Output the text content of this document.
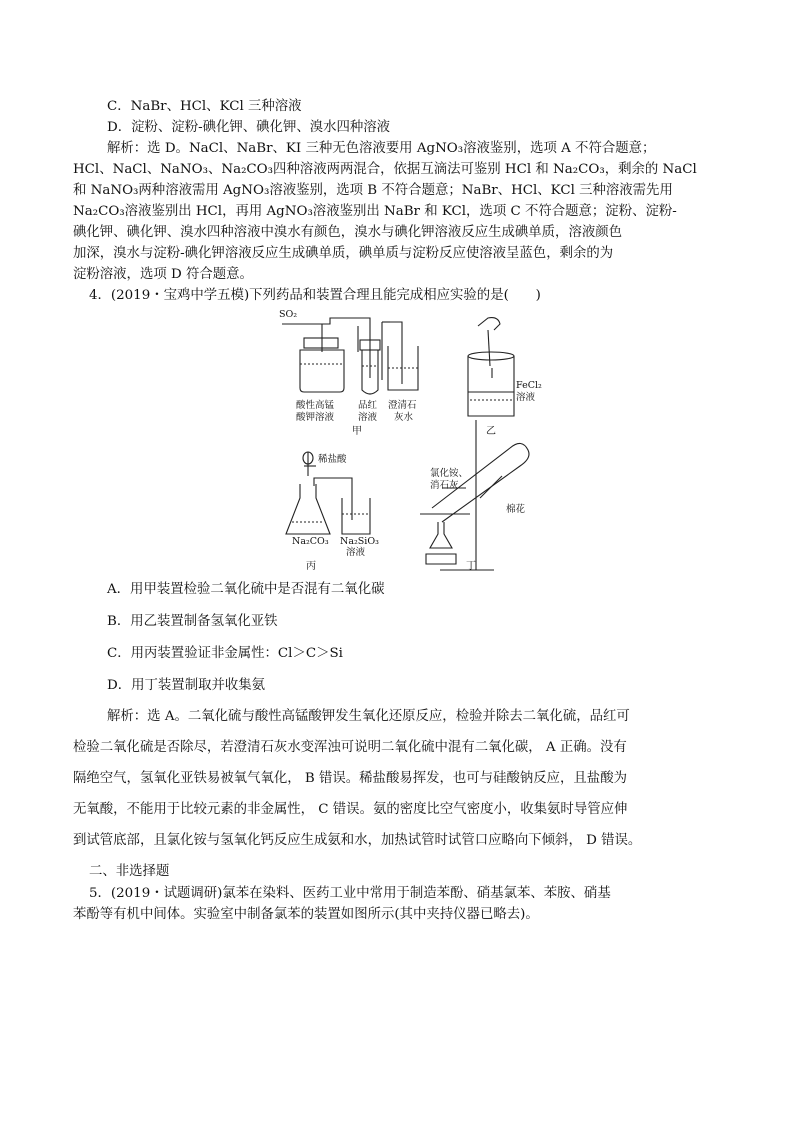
C．NaBr、HCl、KCl 三种溶液
D．淀粉、淀粉-碘化钾、碘化钾、溴水四种溶液
解析：选 D。NaCl、NaBr、KI 三种无色溶液要用 AgNO₃溶液鉴别，选项 A 不符合题意；
HCl、NaCl、NaNO₃、Na₂CO₃四种溶液两两混合，依据互滴法可鉴别 HCl 和 Na₂CO₃，剩余的 NaCl
和 NaNO₃两种溶液需用 AgNO₃溶液鉴别，选项 B 不符合题意；NaBr、HCl、KCl 三种溶液需先用
Na₂CO₃溶液鉴别出 HCl，再用 AgNO₃溶液鉴别出 NaBr 和 KCl，选项 C 不符合题意；淀粉、淀粉-
碘化钾、碘化钾、溴水四种溶液中溴水有颜色，溴水与碘化钾溶液反应生成碘单质，溶液颜色
加深，溴水与淀粉-碘化钾溶液反应生成碘单质，碘单质与淀粉反应使溶液呈蓝色，剩余的为
淀粉溶液，选项 D 符合题意。
4．(2019・宝鸡中学五模)下列药品和装置合理且能完成相应实验的是(　　)
SO₂
酸性高锰
酸钾溶液
品红
溶液
澄清石
灰水
甲
FeCl₂
溶液
乙
稀盐酸
Na₂CO₃ Na₂SiO₃
溶液
丙
氯化铵、
消石灰
棉花
丁
A．用甲装置检验二氧化硫中是否混有二氧化碳
B．用乙装置制备氢氧化亚铁
C．用丙装置验证非金属性：Cl＞C＞Si
D．用丁装置制取并收集氨
解析：选 A。二氧化硫与酸性高锰酸钾发生氧化还原反应，检验并除去二氧化硫，品红可
检验二氧化硫是否除尽，若澄清石灰水变浑浊可说明二氧化硫中混有二氧化碳， A 正确。没有
隔绝空气，氢氧化亚铁易被氧气氧化， B 错误。稀盐酸易挥发，也可与硅酸钠反应，且盐酸为
无氧酸，不能用于比较元素的非金属性， C 错误。氨的密度比空气密度小，收集氨时导管应伸
到试管底部，且氯化铵与氢氧化钙反应生成氨和水，加热试管时试管口应略向下倾斜， D 错误。
二、非选择题
5．(2019・试题调研)氯苯在染料、医药工业中常用于制造苯酚、硝基氯苯、苯胺、硝基
苯酚等有机中间体。实验室中制备氯苯的装置如图所示(其中夹持仪器已略去)。
